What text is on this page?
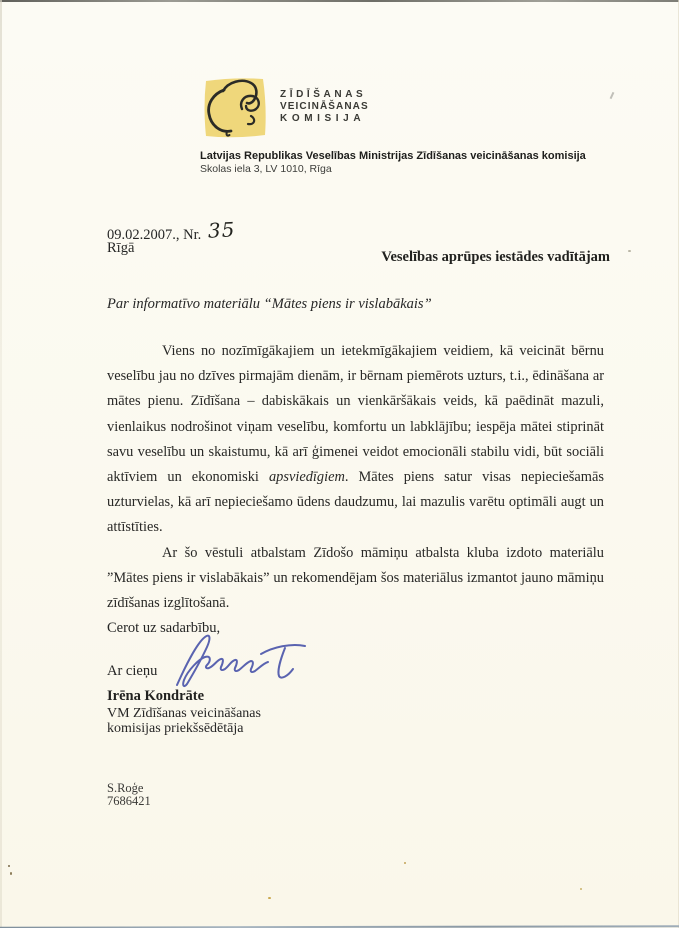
ZĪDĪŠANAS
VEICINĀŠANAS
KOMISIJA
Latvijas Republikas Veselības Ministrijas Zīdīšanas veicināšanas komisija
Skolas iela 3, LV 1010, Rīga
09.02.2007., Nr. 35
Rīgā
Veselības aprūpes iestādes vadītājam
Par informatīvo materiālu “Mātes piens ir vislabākais”

Viens no nozīmīgākajiem un ietekmīgākajiem veidiem, kā veicināt bērnu veselību jau no dzīves pirmajām dienām, ir bērnam piemērots uzturs, t.i., ēdināšana ar mātes pienu. Zīdīšana – dabiskākais un vienkāršākais veids, kā paēdināt mazuli, vienlaikus nodrošinot viņam veselību, komfortu un labklājību; iespēja mātei stiprināt savu veselību un skaistumu, kā arī ģimenei veidot emocionāli stabilu vidi, būt sociāli aktīviem un ekonomiski apsviedīgiem. Mātes piens satur visas nepieciešamās uzturvielas, kā arī nepieciešamo ūdens daudzumu, lai mazulis varētu optimāli augt un attīstīties.

Ar šo vēstuli atbalstam Zīdošo māmiņu atbalsta kluba izdoto materiālu ”Mātes piens ir vislabākais” un rekomendējam šos materiālus izmantot jauno māmiņu zīdīšanas izglītošanā.

Cerot uz sadarbību,
Ar cieņu
Irēna Kondrāte
VM Zīdīšanas veicināšanas
komisijas priekšsēdētāja
S.Roģe
7686421
